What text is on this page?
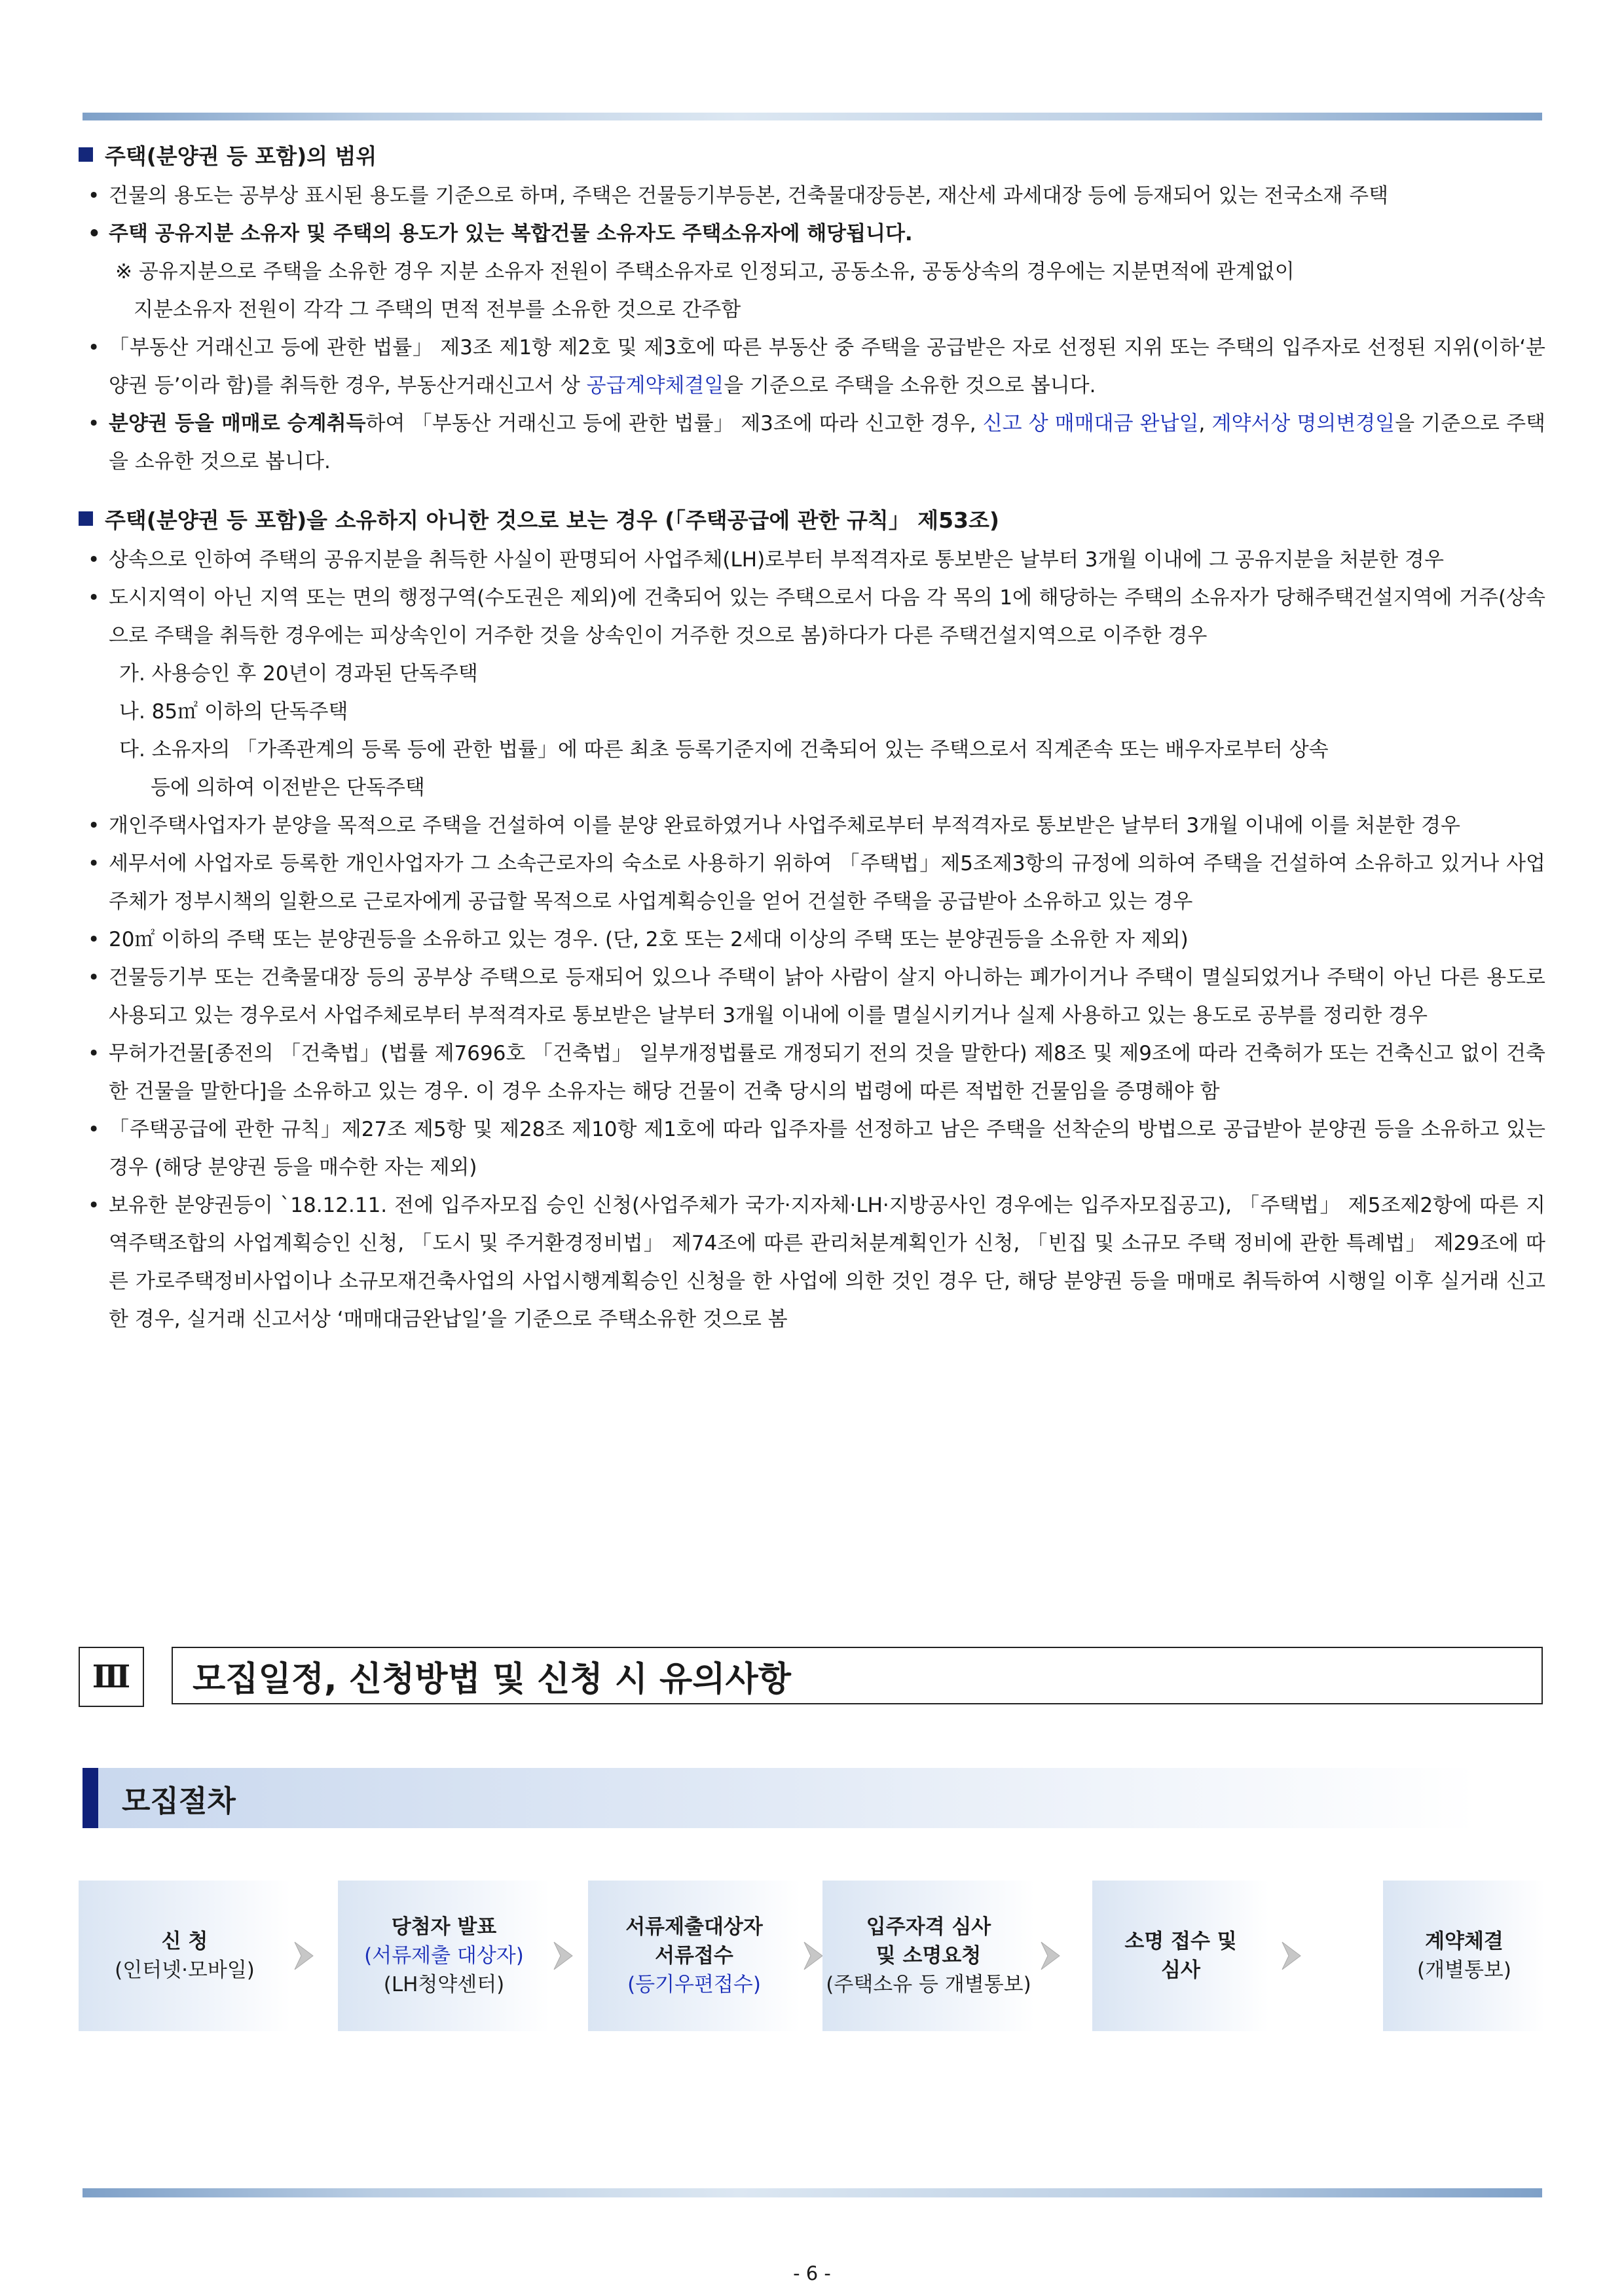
주택(분양권 등 포함)의 범위
• 건물의 용도는 공부상 표시된 용도를 기준으로 하며, 주택은 건물등기부등본, 건축물대장등본, 재산세 과세대장 등에 등재되어 있는 전국소재 주택
• 주택 공유지분 소유자 및 주택의 용도가 있는 복합건물 소유자도 주택소유자에 해당됩니다.
※ 공유지분으로 주택을 소유한 경우 지분 소유자 전원이 주택소유자로 인정되고, 공동소유, 공동상속의 경우에는 지분면적에 관계없이
지분소유자 전원이 각각 그 주택의 면적 전부를 소유한 것으로 간주함
• 「부동산 거래신고 등에 관한 법률」 제3조 제1항 제2호 및 제3호에 따른 부동산 중 주택을 공급받은 자로 선정된 지위 또는 주택의 입주자로 선정된 지위(이하‘분양권 등’이라 함)를 취득한 경우, 부동산거래신고서 상 공급계약체결일을 기준으로 주택을 소유한 것으로 봅니다.
• 분양권 등을 매매로 승계취득하여 「부동산 거래신고 등에 관한 법률」 제3조에 따라 신고한 경우, 신고 상 매매대금 완납일, 계약서상 명의변경일을 기준으로 주택을 소유한 것으로 봅니다.
주택(분양권 등 포함)을 소유하지 아니한 것으로 보는 경우 (「주택공급에 관한 규칙」 제53조)
• 상속으로 인하여 주택의 공유지분을 취득한 사실이 판명되어 사업주체(LH)로부터 부적격자로 통보받은 날부터 3개월 이내에 그 공유지분을 처분한 경우
• 도시지역이 아닌 지역 또는 면의 행정구역(수도권은 제외)에 건축되어 있는 주택으로서 다음 각 목의 1에 해당하는 주택의 소유자가 당해주택건설지역에 거주(상속으로 주택을 취득한 경우에는 피상속인이 거주한 것을 상속인이 거주한 것으로 봄)하다가 다른 주택건설지역으로 이주한 경우
가. 사용승인 후 20년이 경과된 단독주택
나. 85㎡ 이하의 단독주택
다. 소유자의 「가족관계의 등록 등에 관한 법률」에 따른 최초 등록기준지에 건축되어 있는 주택으로서 직계존속 또는 배우자로부터 상속
등에 의하여 이전받은 단독주택
• 개인주택사업자가 분양을 목적으로 주택을 건설하여 이를 분양 완료하였거나 사업주체로부터 부적격자로 통보받은 날부터 3개월 이내에 이를 처분한 경우
• 세무서에 사업자로 등록한 개인사업자가 그 소속근로자의 숙소로 사용하기 위하여 「주택법」제5조제3항의 규정에 의하여 주택을 건설하여 소유하고 있거나 사업주체가 정부시책의 일환으로 근로자에게 공급할 목적으로 사업계획승인을 얻어 건설한 주택을 공급받아 소유하고 있는 경우
• 20㎡ 이하의 주택 또는 분양권등을 소유하고 있는 경우. (단, 2호 또는 2세대 이상의 주택 또는 분양권등을 소유한 자 제외)
• 건물등기부 또는 건축물대장 등의 공부상 주택으로 등재되어 있으나 주택이 낡아 사람이 살지 아니하는 폐가이거나 주택이 멸실되었거나 주택이 아닌 다른 용도로 사용되고 있는 경우로서 사업주체로부터 부적격자로 통보받은 날부터 3개월 이내에 이를 멸실시키거나 실제 사용하고 있는 용도로 공부를 정리한 경우
• 무허가건물[종전의 「건축법」(법률 제7696호 「건축법」 일부개정법률로 개정되기 전의 것을 말한다) 제8조 및 제9조에 따라 건축허가 또는 건축신고 없이 건축한 건물을 말한다]을 소유하고 있는 경우. 이 경우 소유자는 해당 건물이 건축 당시의 법령에 따른 적법한 건물임을 증명해야 함
• 「주택공급에 관한 규칙」제27조 제5항 및 제28조 제10항 제1호에 따라 입주자를 선정하고 남은 주택을 선착순의 방법으로 공급받아 분양권 등을 소유하고 있는 경우 (해당 분양권 등을 매수한 자는 제외)
• 보유한 분양권등이 `18.12.11. 전에 입주자모집 승인 신청(사업주체가 국가·지자체·LH·지방공사인 경우에는 입주자모집공고), 「주택법」 제5조제2항에 따른 지역주택조합의 사업계획승인 신청, 「도시 및 주거환경정비법」 제74조에 따른 관리처분계획인가 신청, 「빈집 및 소규모 주택 정비에 관한 특례법」 제29조에 따른 가로주택정비사업이나 소규모재건축사업의 사업시행계획승인 신청을 한 사업에 의한 것인 경우 단, 해당 분양권 등을 매매로 취득하여 시행일 이후 실거래 신고한 경우, 실거래 신고서상 ‘매매대금완납일’을 기준으로 주택소유한 것으로 봄
Ⅲ	모집일정, 신청방법 및 신청 시 유의사항
모집절차
신 청
(인터넷·모바일)
당첨자 발표
(서류제출 대상자)
(LH청약센터)
서류제출대상자
서류접수
(등기우편접수)
입주자격 심사
및 소명요청
(주택소유 등 개별통보)
소명 접수 및
심사
계약체결
(개별통보)
- 6 -
